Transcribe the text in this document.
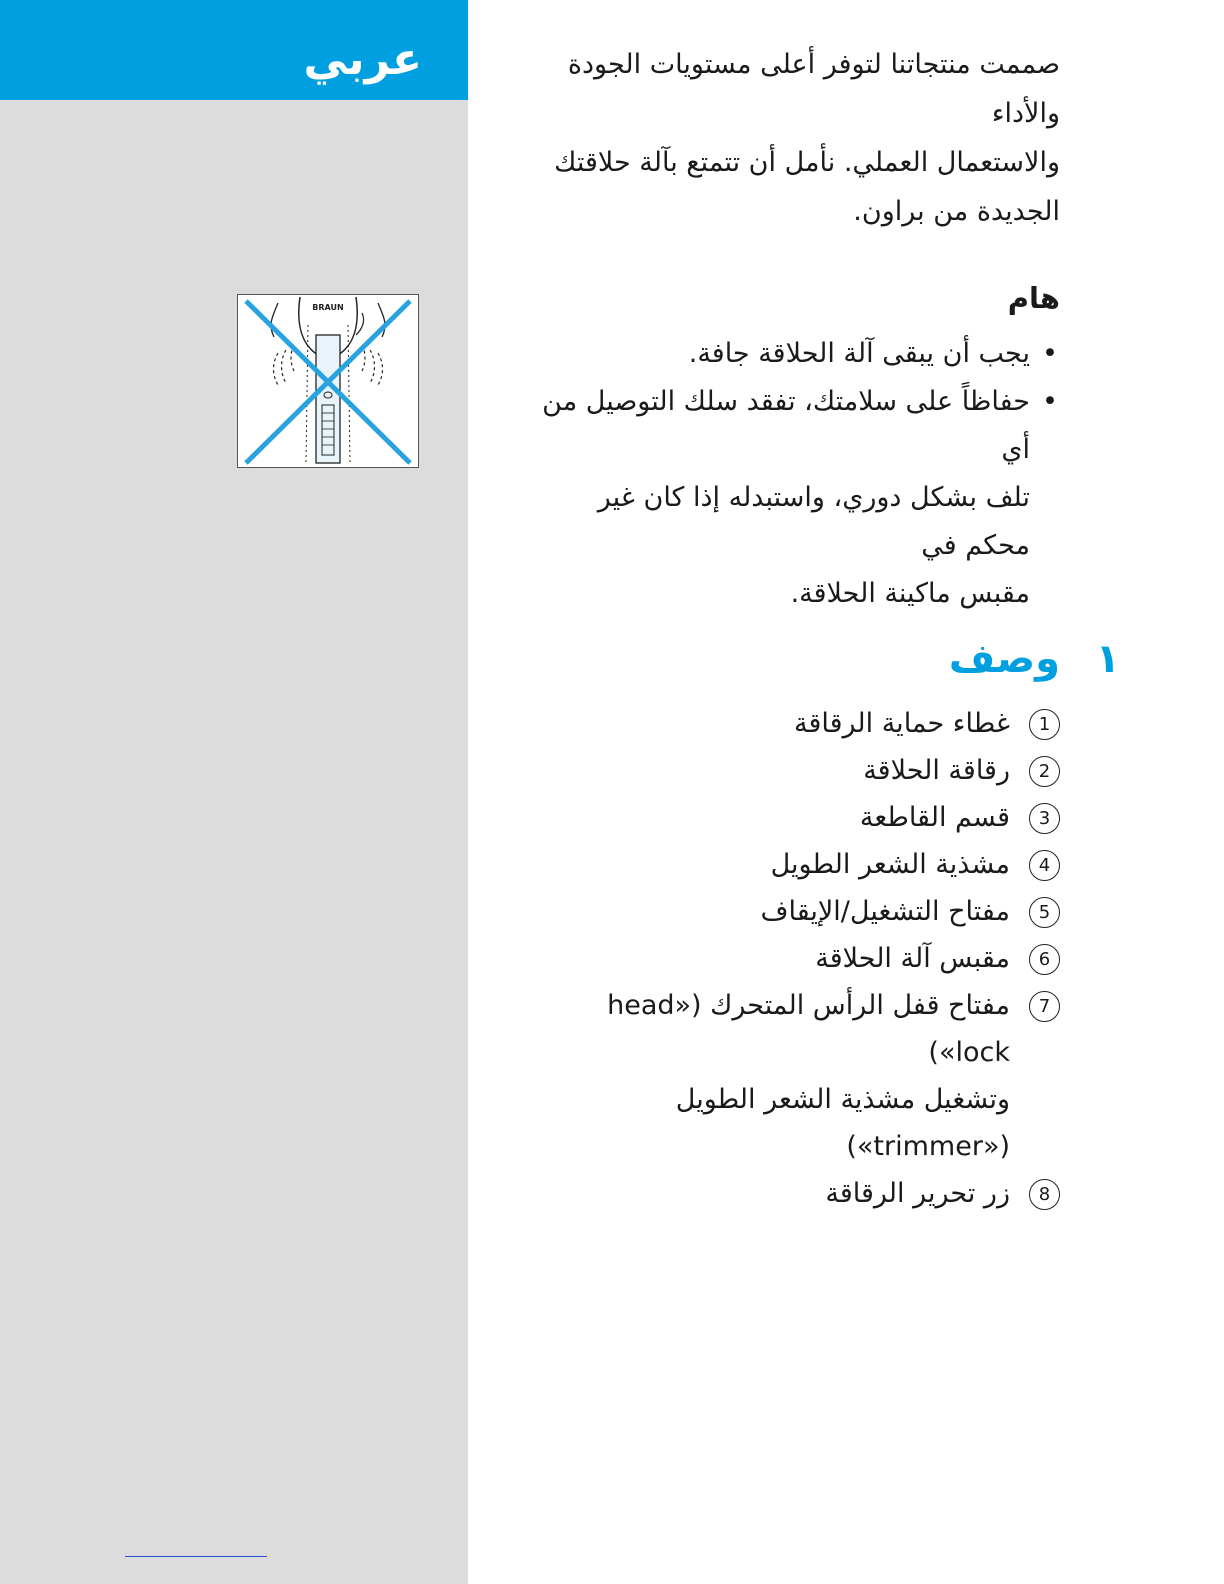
عربي
BRAUN

صممت منتجاتنا لتوفر أعلى مستويات الجودة والأداء

والاستعمال العملي. نأمل أن تتمتع بآلة حلاقتك

الجديدة من براون.

هام
•
يجب أن يبقى آلة الحلاقة جافة.
•
حفاظاً على سلامتك، تفقد سلك التوصيل من أي
تلف بشكل دوري، واستبدله إذا كان غير محكم في
مقبس ماكينة الحلاقة.
١
وصف
1
غطاء حماية الرقاقة
2
رقاقة الحلاقة
3
قسم القاطعة
4
مشذية الشعر الطويل
5
مفتاح التشغيل/الإيقاف
6
مقبس آلة الحلاقة
7
مفتاح قفل الرأس المتحرك («head lock»)
وتشغيل مشذية الشعر الطويل («trimmer»)
8
زر تحرير الرقاقة
